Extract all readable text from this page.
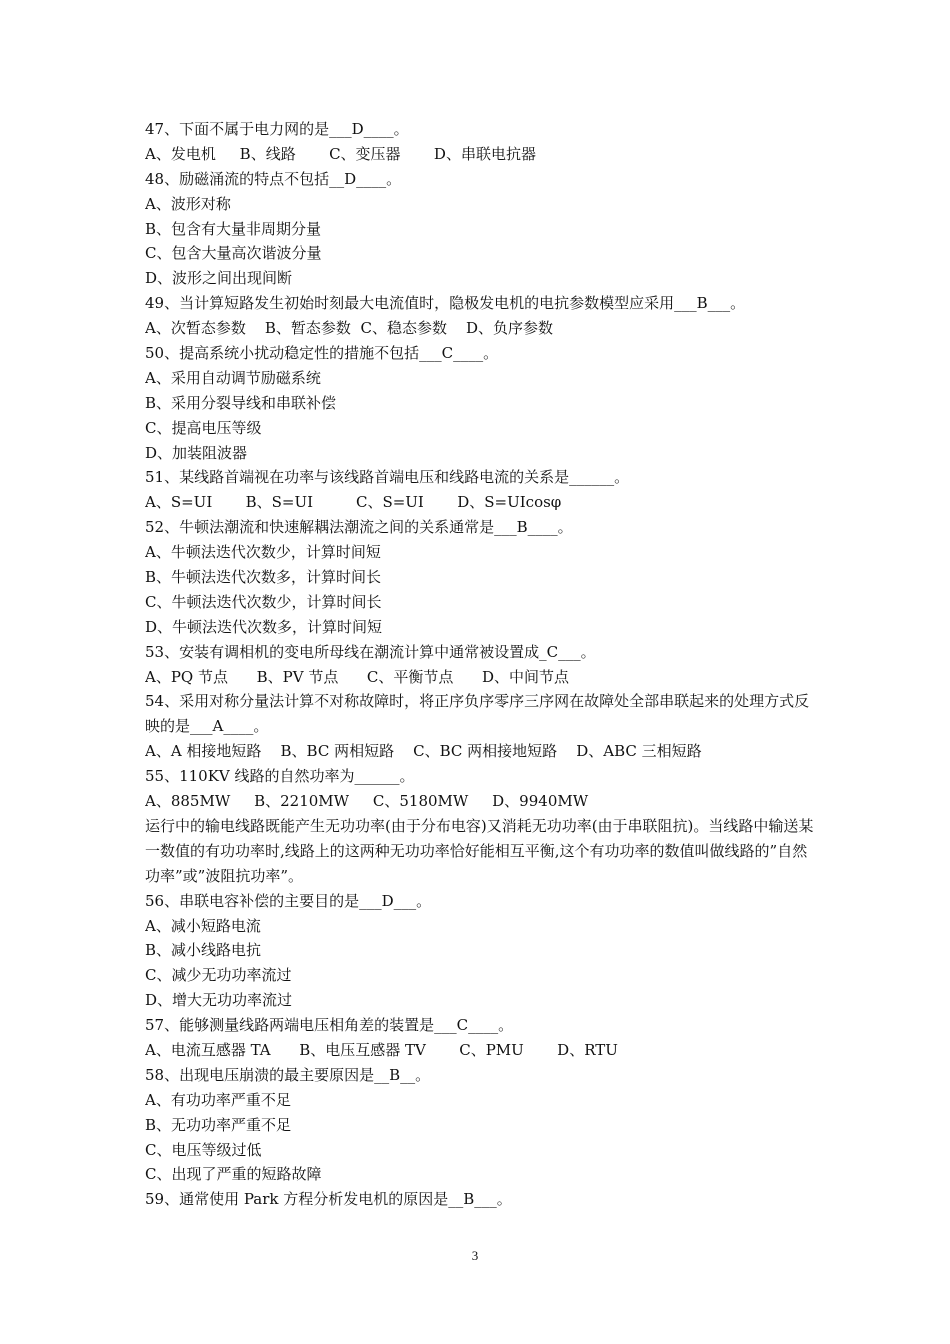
47、下面不属于电力网的是___D____。
A、发电机     B、线路       C、变压器       D、串联电抗器
48、励磁涌流的特点不包括__D____。
A、波形对称
B、包含有大量非周期分量
C、包含大量高次谐波分量
D、波形之间出现间断
49、当计算短路发生初始时刻最大电流值时，隐极发电机的电抗参数模型应采用___B___。
A、次暂态参数    B、暂态参数  C、稳态参数    D、负序参数
50、提高系统小扰动稳定性的措施不包括___C____。
A、采用自动调节励磁系统
B、采用分裂导线和串联补偿
C、提高电压等级
D、加装阻波器
51、某线路首端视在功率与该线路首端电压和线路电流的关系是______。
A、S=UI       B、S=UI         C、S=UI       D、S=UIcosφ
52、牛顿法潮流和快速解耦法潮流之间的关系通常是___B____。
A、牛顿法迭代次数少，计算时间短
B、牛顿法迭代次数多，计算时间长
C、牛顿法迭代次数少，计算时间长
D、牛顿法迭代次数多，计算时间短
53、安装有调相机的变电所母线在潮流计算中通常被设置成_C___。
A、PQ 节点      B、PV 节点      C、平衡节点      D、中间节点
54、采用对称分量法计算不对称故障时，将正序负序零序三序网在故障处全部串联起来的处理方式反映的是___A____。
A、A 相接地短路    B、BC 两相短路    C、BC 两相接地短路    D、ABC 三相短路
55、110KV 线路的自然功率为______。
A、885MW     B、2210MW     C、5180MW     D、9940MW
运行中的输电线路既能产生无功功率(由于分布电容)又消耗无功功率(由于串联阻抗)。当线路中输送某一数值的有功功率时,线路上的这两种无功功率恰好能相互平衡,这个有功功率的数值叫做线路的”自然功率”或”波阻抗功率”。
56、串联电容补偿的主要目的是___D___。
A、减小短路电流
B、减小线路电抗
C、减少无功功率流过
D、增大无功功率流过
57、能够测量线路两端电压相角差的装置是___C____。
A、电流互感器 TA      B、电压互感器 TV       C、PMU       D、RTU
58、出现电压崩溃的最主要原因是__B__。
A、有功功率严重不足
B、无功功率严重不足
C、电压等级过低
C、出现了严重的短路故障
59、通常使用 Park 方程分析发电机的原因是__B___。
3
